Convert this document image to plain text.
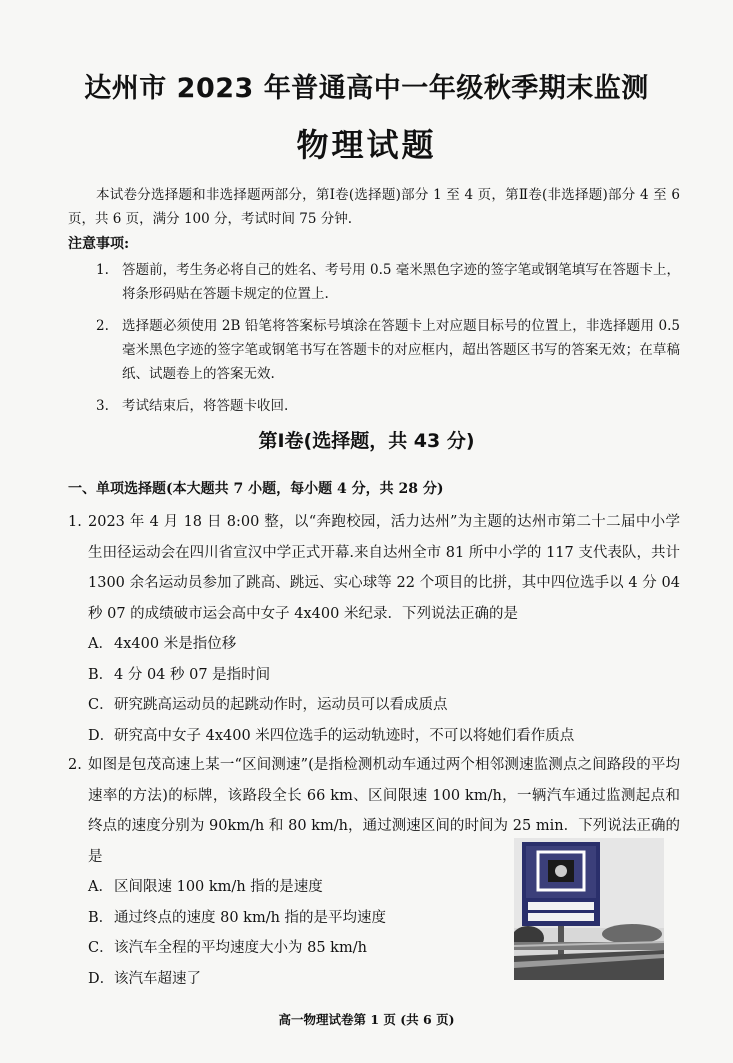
达州市 2023 年普通高中一年级秋季期末监测
物理试题
本试卷分选择题和非选择题两部分，第Ⅰ卷(选择题)部分 1 至 4 页，第Ⅱ卷(非选择题)部分 4 至 6 页，共 6 页，满分 100 分，考试时间 75 分钟.
注意事项:
1. 答题前，考生务必将自己的姓名、考号用 0.5 毫米黑色字迹的签字笔或钢笔填写在答题卡上，将条形码贴在答题卡规定的位置上.
2. 选择题必须使用 2B 铅笔将答案标号填涂在答题卡上对应题目标号的位置上，非选择题用 0.5 毫米黑色字迹的签字笔或钢笔书写在答题卡的对应框内，超出答题区书写的答案无效；在草稿纸、试题卷上的答案无效.
3. 考试结束后，将答题卡收回.
第Ⅰ卷(选择题，共 43 分)
一、单项选择题(本大题共 7 小题，每小题 4 分，共 28 分)
1. 2023 年 4 月 18 日 8:00 整，以“奔跑校园，活力达州”为主题的达州市第二十二届中小学生田径运动会在四川省宣汉中学正式开幕.来自达州全市 81 所中小学的 117 支代表队，共计 1300 余名运动员参加了跳高、跳远、实心球等 22 个项目的比拼，其中四位选手以 4 分 04 秒 07 的成绩破市运会高中女子 4x400 米纪录．下列说法正确的是
A． 4x400 米是指位移
B． 4 分 04 秒 07 是指时间
C． 研究跳高运动员的起跳动作时，运动员可以看成质点
D． 研究高中女子 4x400 米四位选手的运动轨迹时，不可以将她们看作质点
2. 如图是包茂高速上某一“区间测速”(是指检测机动车通过两个相邻测速监测点之间路段的平均速率的方法)的标牌，该路段全长 66 km、区间限速 100 km/h，一辆汽车通过监测起点和终点的速度分别为 90km/h 和 80 km/h，通过测速区间的时间为 25 min．下列说法正确的是
A． 区间限速 100 km/h 指的是速度
B． 通过终点的速度 80 km/h 指的是平均速度
C． 该汽车全程的平均速度大小为 85 km/h
D． 该汽车超速了
高一物理试卷第 1 页 (共 6 页)
